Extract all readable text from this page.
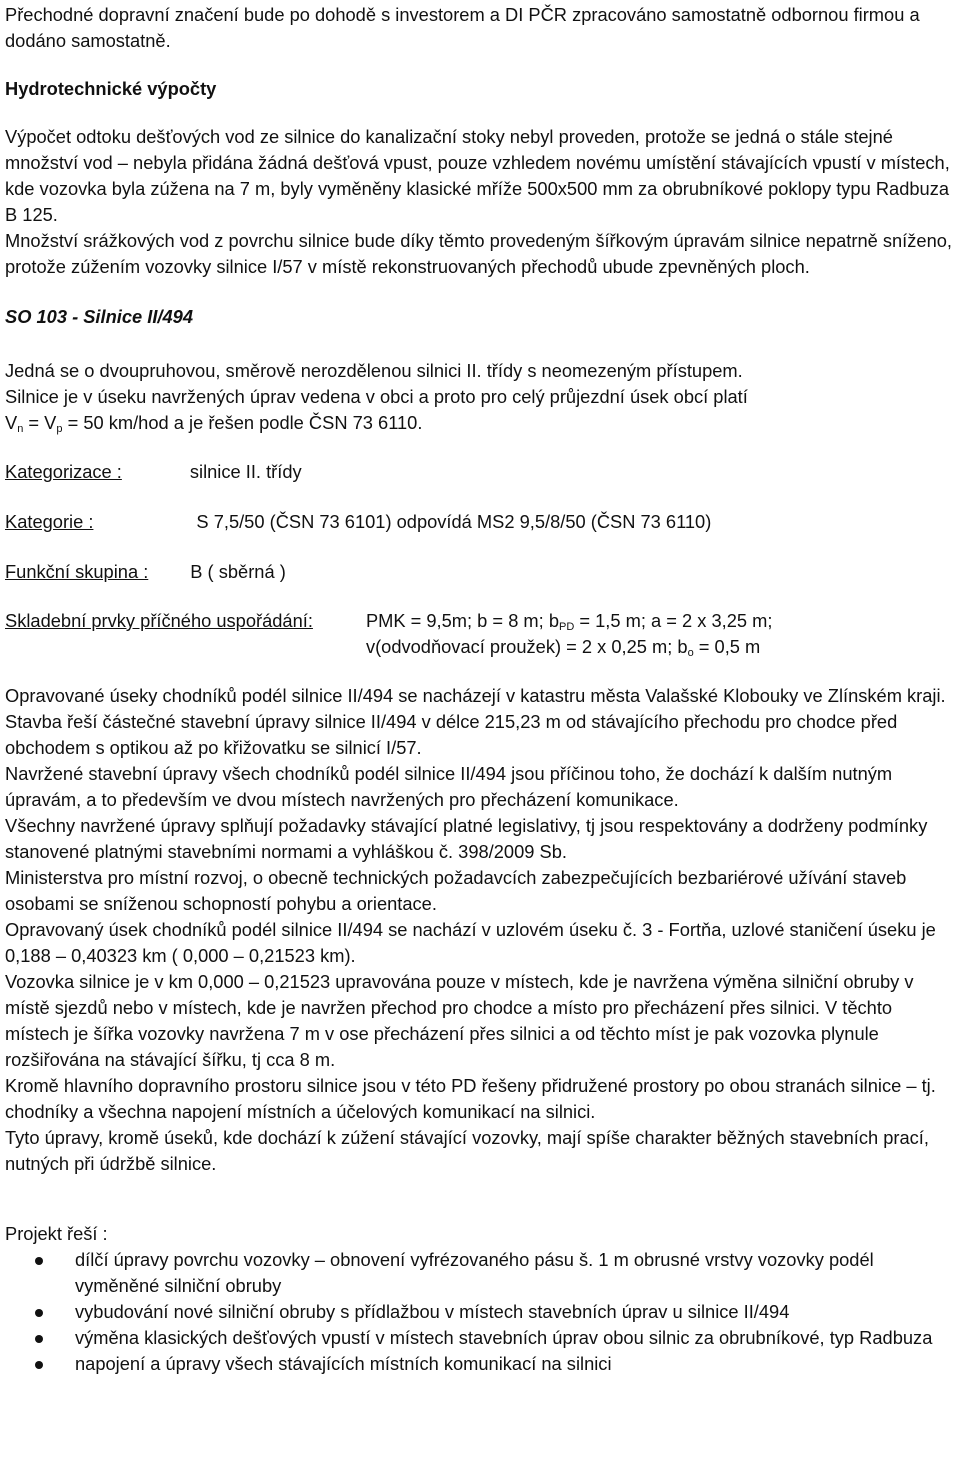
Přechodné dopravní značení bude po dohodě s investorem a DI PČR zpracováno samostatně odbornou firmou a dodáno samostatně.

Hydrotechnické výpočty

Výpočet odtoku dešťových vod ze silnice do kanalizační stoky nebyl proveden, protože se jedná o stále stejné množství vod – nebyla přidána žádná dešťová vpust, pouze vzhledem novému umístění stávajících vpustí v místech, kde vozovka byla zúžena na 7 m, byly vyměněny klasické mříže 500x500 mm za obrubníkové poklopy typu Radbuza B 125.

Množství srážkových vod z povrchu silnice bude díky těmto provedeným šířkovým úpravám silnice nepatrně sníženo, protože zúžením vozovky silnice I/57 v místě rekonstruovaných přechodů ubude zpevněných ploch.

SO 103 - Silnice II/494

Jedná se o dvoupruhovou, směrově nerozdělenou silnici II. třídy s neomezeným přístupem.

Silnice je v úseku navržených úprav vedena v obci a proto pro celý průjezdní úsek obcí platí

$V_n = V_p = 50$ km/hod a je řešen podle ČSN 73 6110.

Kategorizace :	silnice II. třídy
Kategorie :	S 7,5/50 (ČSN 73 6101) odpovídá MS2 9,5/8/50 (ČSN 73 6110)
Funkční skupina : B ( sběrná )
Skladební prvky příčného uspořádání:	PMK = 9,5m; b = 8 m; $b_{PD} = 1,5$ m; a = 2 x 3,25 m;
v(odvodňovací proužek) = 2 x 0,25 m; $b_o = 0,5$ m

Opravované úseky chodníků podél silnice II/494 se nacházejí v katastru města Valašské Klobouky ve Zlínském kraji.

Stavba řeší částečné stavební úpravy silnice II/494 v délce 215,23 m od stávajícího přechodu pro chodce před obchodem s optikou až po křižovatku se silnicí I/57.

Navržené stavební úpravy všech chodníků podél silnice II/494 jsou příčinou toho, že dochází k dalším nutným úpravám, a to především ve dvou místech navržených pro přecházení komunikace.

Všechny navržené úpravy splňují požadavky stávající platné legislativy, tj jsou respektovány a dodrženy podmínky stanovené platnými stavebními normami a vyhláškou č. 398/2009 Sb.

Ministerstva pro místní rozvoj, o obecně technických požadavcích zabezpečujících bezbariérové užívání staveb osobami se sníženou schopností pohybu a orientace.

Opravovaný úsek chodníků podél silnice II/494 se nachází v uzlovém úseku č. 3 - Fortňa, uzlové staničení úseku je 0,188 – 0,40323 km ( 0,000 – 0,21523 km).

Vozovka silnice je v km 0,000 – 0,21523 upravována pouze v místech, kde je navržena výměna silniční obruby v místě sjezdů nebo v místech, kde je navržen přechod pro chodce a místo pro přecházení přes silnici. V těchto místech je šířka vozovky navržena 7 m v ose přecházení přes silnici a od těchto míst je pak vozovka plynule rozšiřována na stávající šířku, tj cca 8 m.

Kromě hlavního dopravního prostoru silnice jsou v této PD řešeny přidružené prostory po obou stranách silnice – tj. chodníky a všechna napojení místních a účelových komunikací na silnici.

Tyto úpravy, kromě úseků, kde dochází k zúžení stávající vozovky, mají spíše charakter běžných stavebních prací, nutných při údržbě silnice.

Projekt řeší :

dílčí úpravy povrchu vozovky – obnovení vyfrézovaného pásu š. 1 m obrusné vrstvy vozovky podél vyměněné silniční obruby
vybudování nové silniční obruby s přídlažbou v místech stavebních úprav u silnice II/494
výměna klasických dešťových vpustí v místech stavebních úprav obou silnic za obrubníkové, typ Radbuza
napojení a úpravy všech stávajících místních komunikací na silnici
